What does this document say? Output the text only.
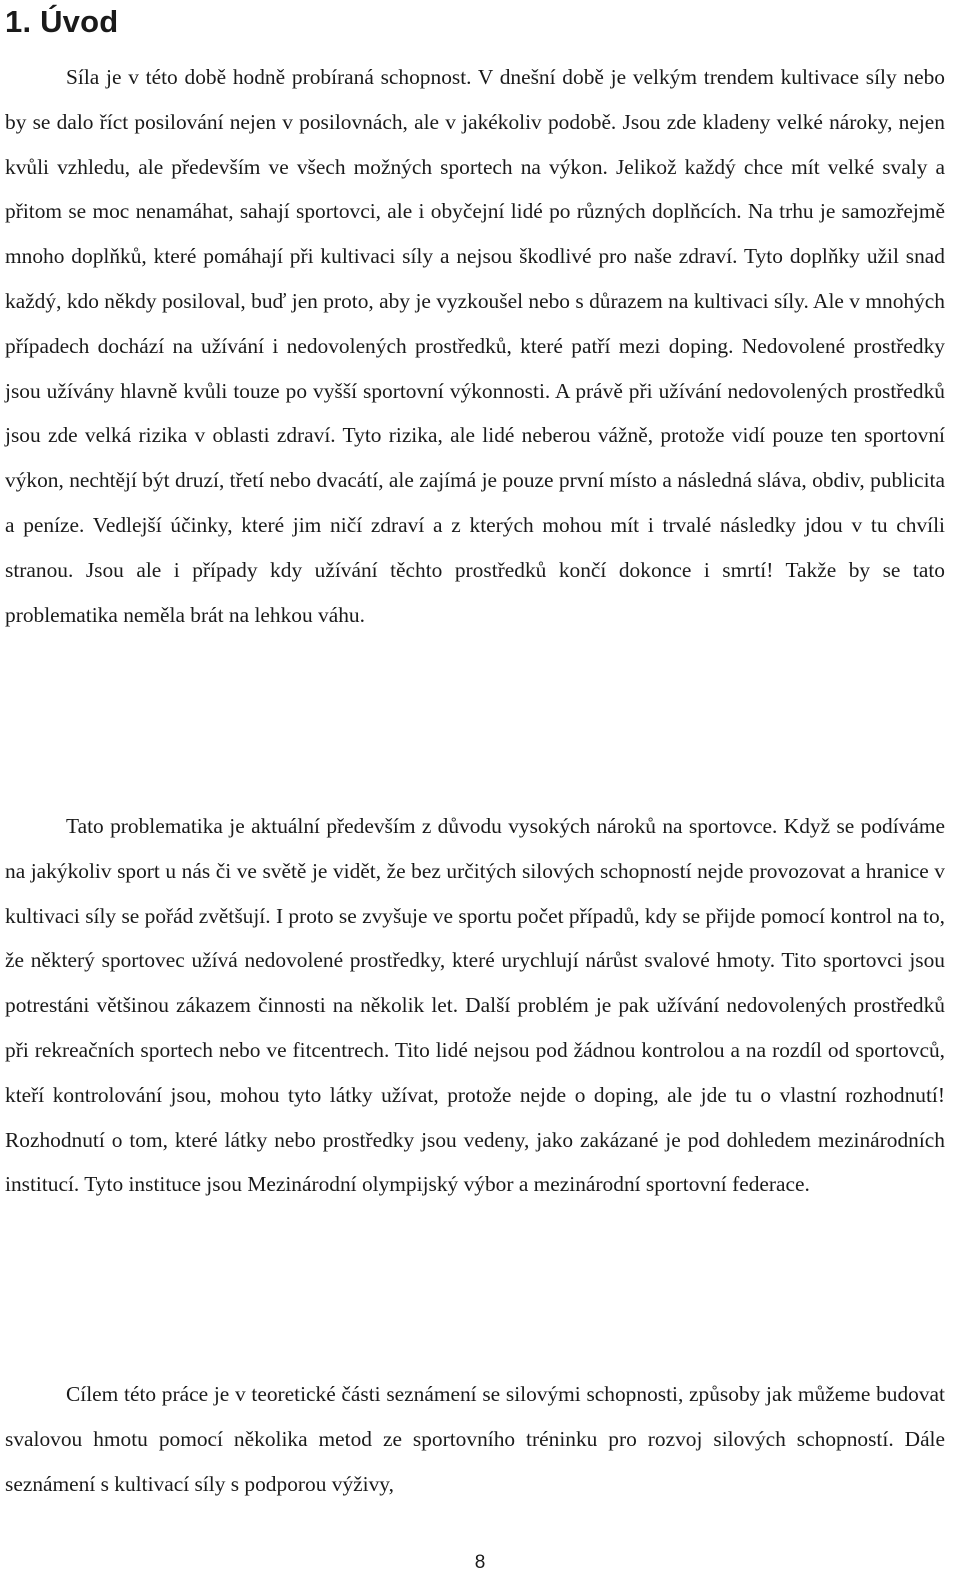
1. Úvod

Síla je v této době hodně probíraná schopnost. V dnešní době je velkým trendem kultivace síly nebo by se dalo říct posilování nejen v posilovnách, ale v jakékoliv podobě. Jsou zde kladeny velké nároky, nejen kvůli vzhledu, ale především ve všech možných sportech na výkon. Jelikož každý chce mít velké svaly a přitom se moc nenamáhat, sahají sportovci, ale i obyčejní lidé po různých doplňcích. Na trhu je samozřejmě mnoho doplňků, které pomáhají při kultivaci síly a nejsou škodlivé pro naše zdraví. Tyto doplňky užil snad každý, kdo někdy posiloval, buď jen proto, aby je vyzkoušel nebo s důrazem na kultivaci síly. Ale v mnohých případech dochází na užívání i nedovolených prostředků, které patří mezi doping. Nedovolené prostředky jsou užívány hlavně kvůli touze po vyšší sportovní výkonnosti. A právě při užívání nedovolených prostředků jsou zde velká rizika v oblasti zdraví. Tyto rizika, ale lidé neberou vážně, protože vidí pouze ten sportovní výkon, nechtějí být druzí, třetí nebo dvacátí, ale zajímá je pouze první místo a následná sláva, obdiv, publicita a peníze. Vedlejší účinky, které jim ničí zdraví a z kterých mohou mít i trvalé následky jdou v tu chvíli stranou. Jsou ale i případy kdy užívání těchto prostředků končí dokonce i smrtí! Takže by se tato problematika neměla brát na lehkou váhu.

Tato problematika je aktuální především z důvodu vysokých nároků na sportovce. Když se podíváme na jakýkoliv sport u nás či ve světě je vidět, že bez určitých silových schopností nejde provozovat a hranice v kultivaci síly se pořád zvětšují. I proto se zvyšuje ve sportu počet případů, kdy se přijde pomocí kontrol na to, že některý sportovec užívá nedovolené prostředky, které urychlují nárůst svalové hmoty. Tito sportovci jsou potrestáni většinou zákazem činnosti na několik let. Další problém je pak užívání nedovolených prostředků při rekreačních sportech nebo ve fitcentrech. Tito lidé nejsou pod žádnou kontrolou a na rozdíl od sportovců, kteří kontrolování jsou, mohou tyto látky užívat, protože nejde o doping, ale jde tu o vlastní rozhodnutí! Rozhodnutí o tom, které látky nebo prostředky jsou vedeny, jako zakázané je pod dohledem mezinárodních institucí. Tyto instituce jsou Mezinárodní olympijský výbor a mezinárodní sportovní federace.

Cílem této práce je v teoretické části seznámení se silovými schopnosti, způsoby jak můžeme budovat svalovou hmotu pomocí několika metod ze sportovního tréninku pro rozvoj silových schopností. Dále seznámení s kultivací síly s podporou výživy,

8
